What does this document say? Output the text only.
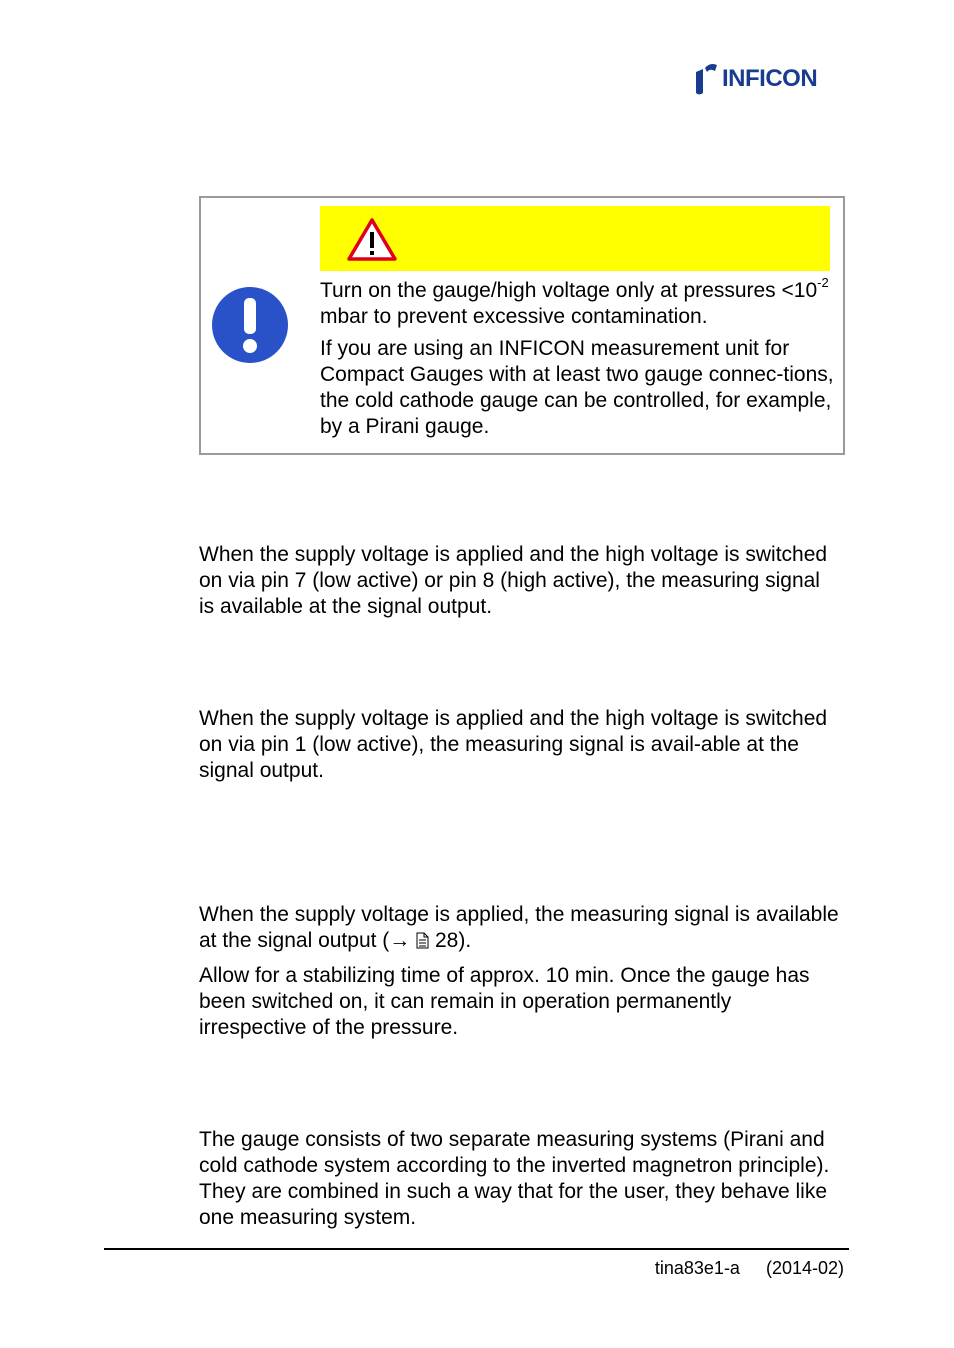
INFICON

Turn on the gauge/high voltage only at pressures $<10^{-2}$ mbar to prevent excessive contamination.

If you are using an INFICON measurement unit for Compact Gauges with at least two gauge connec-tions, the cold cathode gauge can be controlled, for example, by a Pirani gauge.

When the supply voltage is applied and the high voltage is switched on via pin 7 (low active) or pin 8 (high active), the measuring signal is available at the signal output.

When the supply voltage is applied and the high voltage is switched on via pin 1 (low active), the measuring signal is avail-able at the signal output.

When the supply voltage is applied, the measuring signal is available at the signal output (→  28).

Allow for a stabilizing time of approx. 10 min. Once the gauge has been switched on, it can remain in operation permanently irrespective of the pressure.

The gauge consists of two separate measuring systems (Pirani and cold cathode system according to the inverted magnetron principle). They are combined in such a way that for the user, they behave like one measuring system.

tina83e1-a (2014-02)
